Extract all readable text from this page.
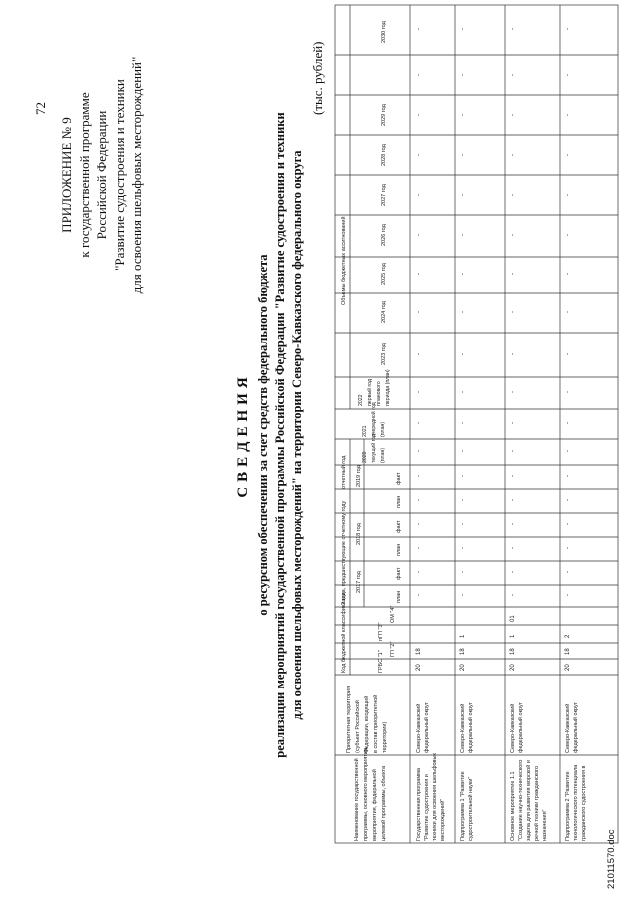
72
ПРИЛОЖЕНИЕ № 9 к государственной программе Российской Федерации "Развитие судостроения и техники для освоения шельфовых месторождений"
СВЕДЕНИЯ о ресурсном обеспечении за счет средств федерального бюджета реализации мероприятий государственной программы Российской Федерации "Развитие судостроения и техники для освоения шельфовых месторождений" на территории Северо-Кавказского федерального округа
(тыс. рублей)
Наименование государственной программы, основного мероприятия, мероприятия, федеральной целевой программы, объекта
Приоритетная территория (субъект Российской Федерации, входящий в состав приоритетной территории)
Код бюджетной классификации	ГРБС "1"
ГП "2"
пГП "3"
ОМ "4"
2 года, предшествующие отчетному году 2017 год
2018 год
отчетный год 2019 год
план
факт
план
факт
план
факт
2020 текущий год (план)
2021 очередной год (план)
Объемы бюджетных ассигнований
2022 первый год планового периода (план)
2023 год
2024 год
2025 год
2026 год
2027 год
2028 год
2029 год
2030 год
Государственная программа "Развитие судостроения и техники для освоения шельфовых месторождений"
Северо-Кавказский федеральный округ
20
18
Подпрограмма 1 "Развитие судостроительной науки"
Северо-Кавказский федеральный округ
20
18
1
Основное мероприятие 1.1 "Создание научно-технического задела для развития морской и речной техники гражданского назначения"
Северо-Кавказский федеральный округ
20
18
1
01
Подпрограмма 2 "Развитие технологического потенциала гражданского судостроения в
Северо-Кавказский федеральный округ
20
18
2
-
-
-
-
-
-
-
-
-
-
-
-
-
-
-
-
-
-
-
-
-
-
-
-
-
-
-
-
-
-
-
-
-
-
-
-
-
-
-
-
-
-
-
-
-
-
-
-
-
-
-
-
-
-
-
-
-
-
-
-
-
-
-
-
-
-
-
-
-
-
-
-
21011570.doc
